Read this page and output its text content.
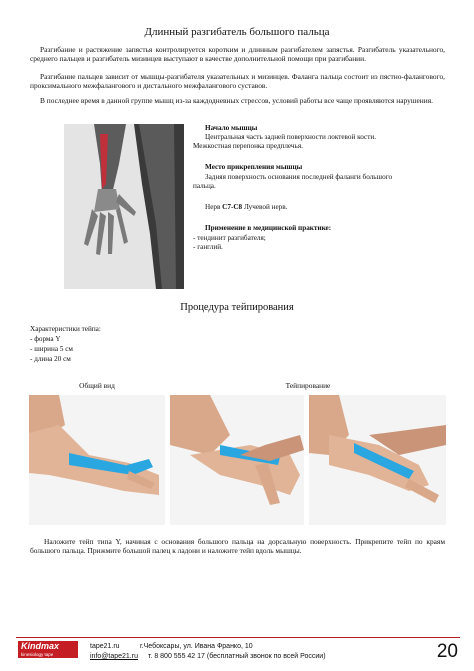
Длинный разгибатель большого пальца
Разгибание и растяжение запястья контролируется коротким и длинным разгибателем запястья. Разгибатель указательного, среднего пальцев и разгибатель мизинцев выступают в качестве дополнительной помощи при разгибании.
Разгибание пальцев зависит от мышцы-разгибателя указательных и мизинцев. Фаланга пальца состоит из пястно-фалангового, проксимального межфалангового и дистального межфалангового суставов.
В последнее время в данной группе мышц из-за каждодневных стрессов, условий работы все чаще проявляются нарушения.
Начало мышцы
Центральная часть задней поверхности локтевой кости. Межкостная перепонка предплечья.
Место прикрепления мышцы
Задняя поверхность основания последней фаланги большого пальца.
Нерв С7-С8 Лучевой нерв.
Применение в медицинской практике:
- тендинит разгибателя;
- ганглий.
Процедура тейпирования
Характеристики тейпа:
- форма Y
- ширина 5 см
- длина 20 см
Общий вид	Тейпирование
Наложите тейп типа Y, начиная с основания большого пальца на дорсальную поверхность. Прикрепите тейп по краям большого пальца. Прижмите большой палец к ладони и наложите тейп вдоль мышцы.
Kindmax
kinesiology tape
tape21.ru	г.Чебоксары, ул. Ивана Франко, 10
info@tape21.ru т. 8 800 555 42 17 (бесплатный звонок по всей России)	20
